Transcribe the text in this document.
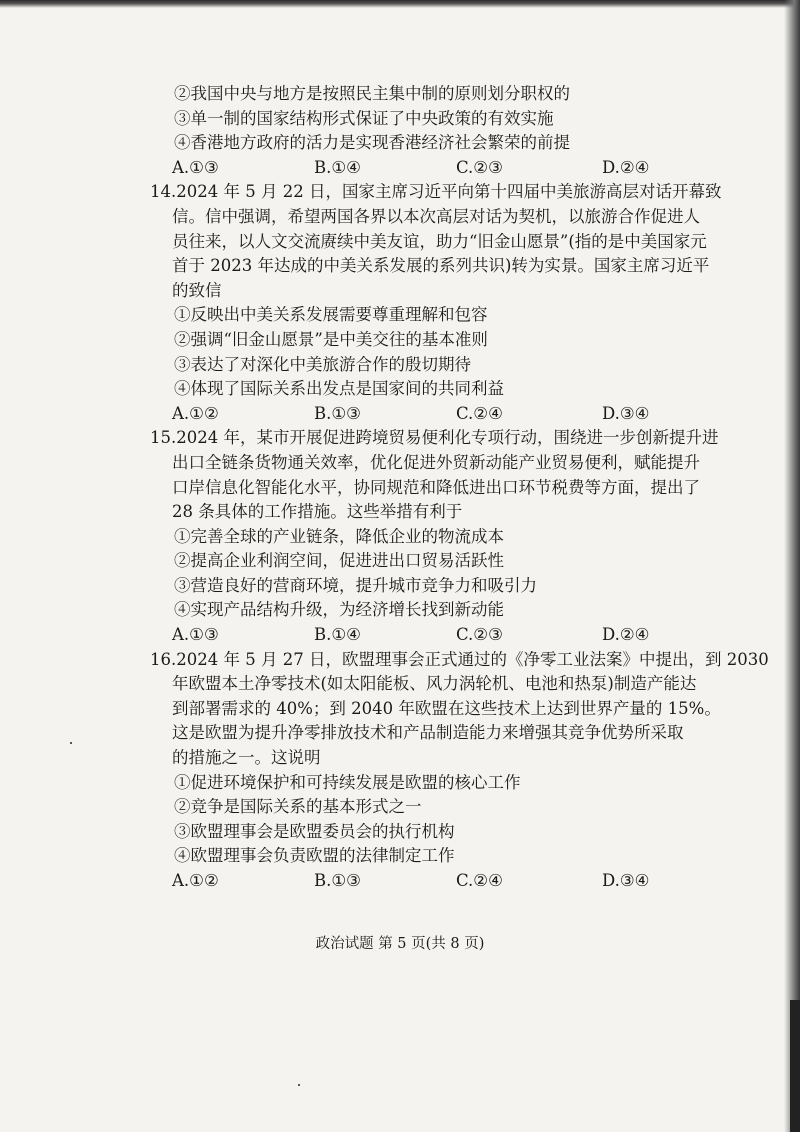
②我国中央与地方是按照民主集中制的原则划分职权的
③单一制的国家结构形式保证了中央政策的有效实施
④香港地方政府的活力是实现香港经济社会繁荣的前提
A.①③	B.①④	C.②③	D.②④
14.2024 年 5 月 22 日，国家主席习近平向第十四届中美旅游高层对话开幕致
信。信中强调，希望两国各界以本次高层对话为契机，以旅游合作促进人
员往来，以人文交流赓续中美友谊，助力“旧金山愿景”(指的是中美国家元
首于 2023 年达成的中美关系发展的系列共识)转为实景。国家主席习近平
的致信
①反映出中美关系发展需要尊重理解和包容
②强调“旧金山愿景”是中美交往的基本准则
③表达了对深化中美旅游合作的殷切期待
④体现了国际关系出发点是国家间的共同利益
A.①②	B.①③	C.②④	D.③④
15.2024 年，某市开展促进跨境贸易便利化专项行动，围绕进一步创新提升进
出口全链条货物通关效率，优化促进外贸新动能产业贸易便利，赋能提升
口岸信息化智能化水平，协同规范和降低进出口环节税费等方面，提出了
28 条具体的工作措施。这些举措有利于
①完善全球的产业链条，降低企业的物流成本
②提高企业利润空间，促进进出口贸易活跃性
③营造良好的营商环境，提升城市竞争力和吸引力
④实现产品结构升级，为经济增长找到新动能
A.①③	B.①④	C.②③	D.②④
16.2024 年 5 月 27 日，欧盟理事会正式通过的《净零工业法案》中提出，到 2030
年欧盟本土净零技术(如太阳能板、风力涡轮机、电池和热泵)制造产能达
到部署需求的 40%；到 2040 年欧盟在这些技术上达到世界产量的 15%。
这是欧盟为提升净零排放技术和产品制造能力来增强其竞争优势所采取
的措施之一。这说明
①促进环境保护和可持续发展是欧盟的核心工作
②竞争是国际关系的基本形式之一
③欧盟理事会是欧盟委员会的执行机构
④欧盟理事会负责欧盟的法律制定工作
A.①②	B.①③	C.②④	D.③④
政治试题 第 5 页(共 8 页)
